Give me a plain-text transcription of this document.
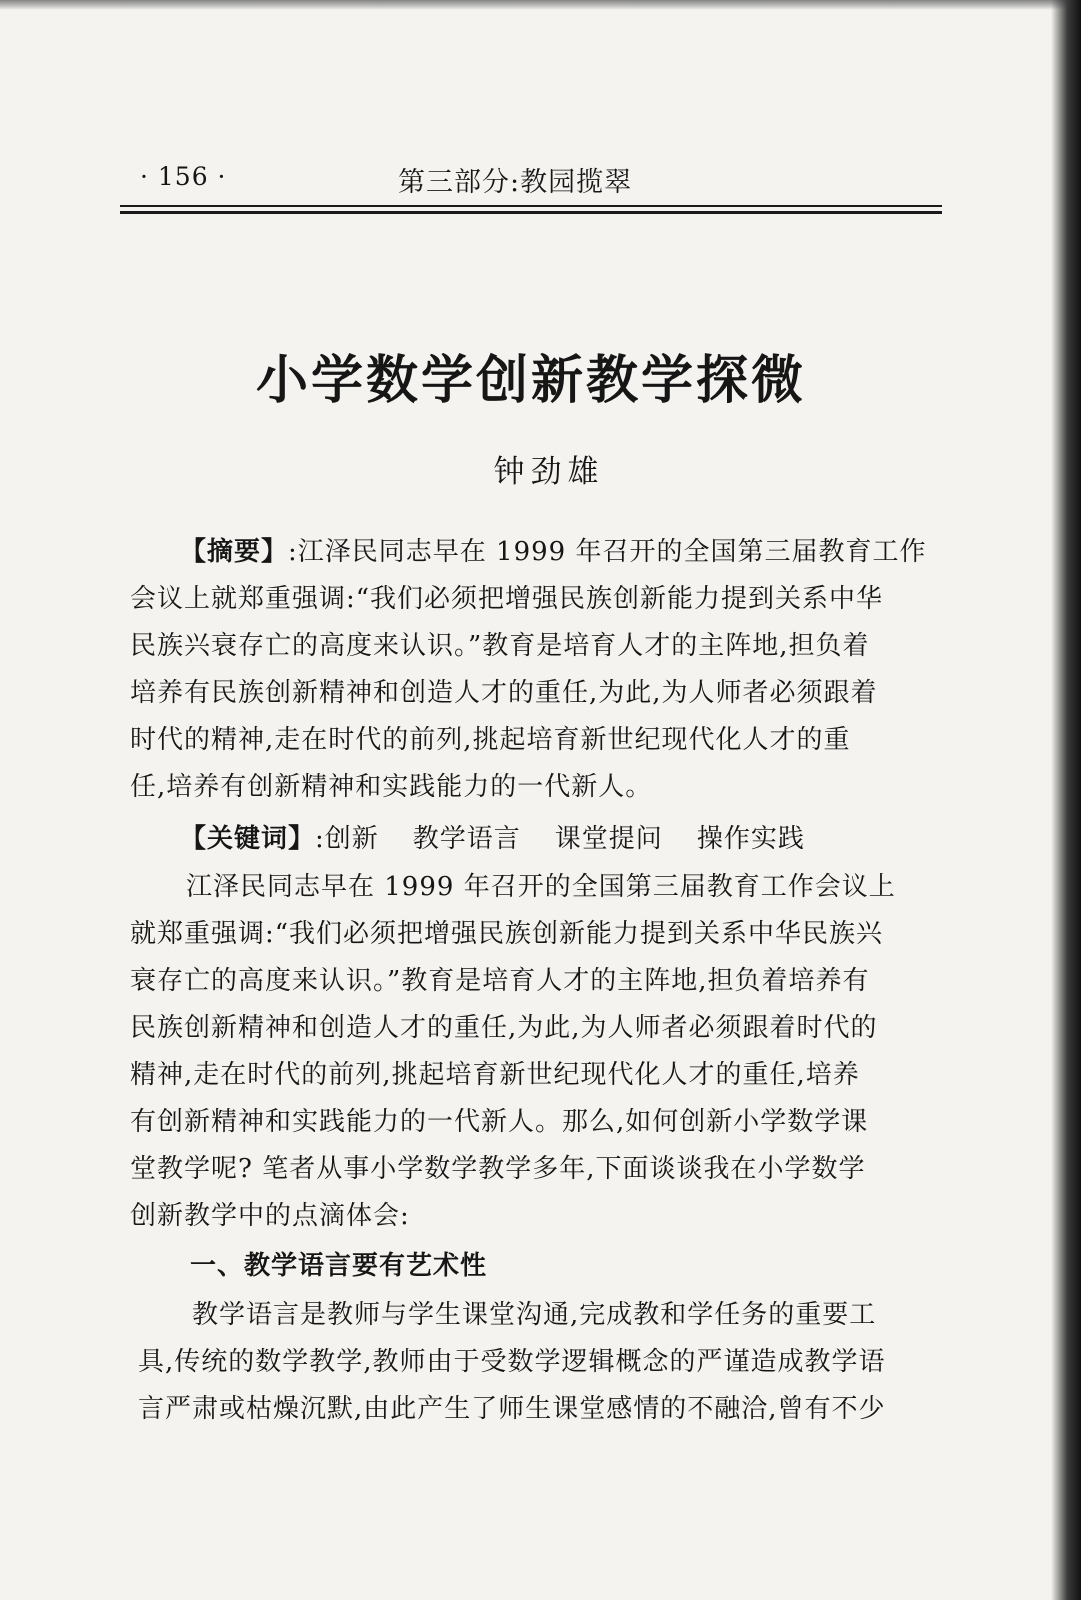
· 156 ·	第三部分:教园揽翠
小学数学创新教学探微
钟劲雄
【摘要】:江泽民同志早在 1999 年召开的全国第三届教育工作
会议上就郑重强调:“我们必须把增强民族创新能力提到关系中华
民族兴衰存亡的高度来认识。”教育是培育人才的主阵地,担负着
培养有民族创新精神和创造人才的重任,为此,为人师者必须跟着
时代的精神,走在时代的前列,挑起培育新世纪现代化人才的重
任,培养有创新精神和实践能力的一代新人。
【关键词】:创新 教学语言 课堂提问 操作实践
江泽民同志早在 1999 年召开的全国第三届教育工作会议上
就郑重强调:“我们必须把增强民族创新能力提到关系中华民族兴
衰存亡的高度来认识。”教育是培育人才的主阵地,担负着培养有
民族创新精神和创造人才的重任,为此,为人师者必须跟着时代的
精神,走在时代的前列,挑起培育新世纪现代化人才的重任,培养
有创新精神和实践能力的一代新人。那么,如何创新小学数学课
堂教学呢? 笔者从事小学数学教学多年,下面谈谈我在小学数学
创新教学中的点滴体会:
一、教学语言要有艺术性
教学语言是教师与学生课堂沟通,完成教和学任务的重要工
具,传统的数学教学,教师由于受数学逻辑概念的严谨造成教学语
言严肃或枯燥沉默,由此产生了师生课堂感情的不融洽,曾有不少
